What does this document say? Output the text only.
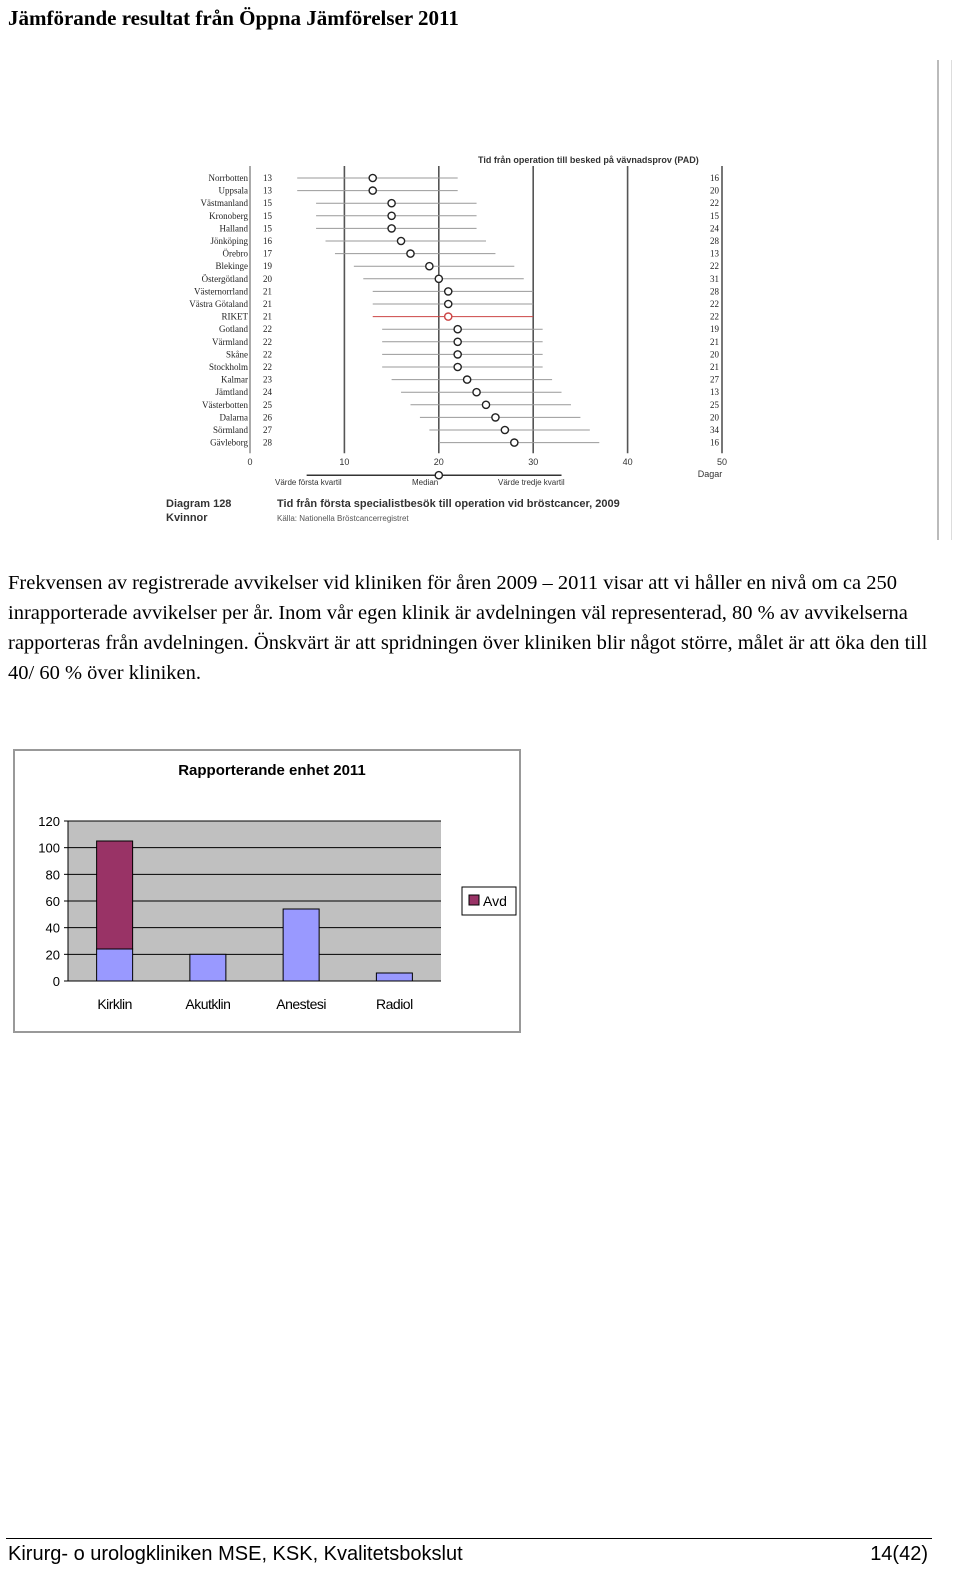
Jämförande resultat från Öppna Jämförelser 2011
Tid från operation till besked på vävnadsprov (PAD)
0	10	20	30	40	50
Dagar
Norrbotten 13	16
Uppsala 13	20
Västmanland 15	22
Kronoberg 15	15
Halland 15	24
Jönköping 16	28
Örebro 17	13
Blekinge 19	22
Östergötland 20	31
Västernorrland 21	28
Västra Götaland 21	22
RIKET 21	22
Gotland 22	19
Värmland 22	21
Skåne 22	20
Stockholm 22	21
Kalmar 23	27
Jämtland 24	13
Västerbotten 25	25
Dalarna 26	20
Sörmland 27	34
Gävleborg 28	16
Värde första kvartil	Median	Värde tredje kvartil
Diagram 128
Kvinnor
Tid från första specialistbesök till operation vid bröstcancer, 2009
Källa: Nationella Bröstcancerregistret
Frekvensen av registrerade avvikelser vid kliniken för åren 2009 – 2011 visar att vi håller en nivå om ca 250 inrapporterade avvikelser per år. Inom vår egen klinik är avdelningen väl representerad, 80 % av avvikelserna rapporteras från avdelningen. Önskvärt är att spridningen över kliniken blir något större, målet är att öka den till 40/ 60 % över kliniken.
Rapporterande enhet 2011
0
20
40
60
80
100
120
Kirklin	Akutklin	Anestesi	Radiol
Avd
Kirurg- o urologkliniken MSE, KSK, Kvalitetsbokslut	14(42)
